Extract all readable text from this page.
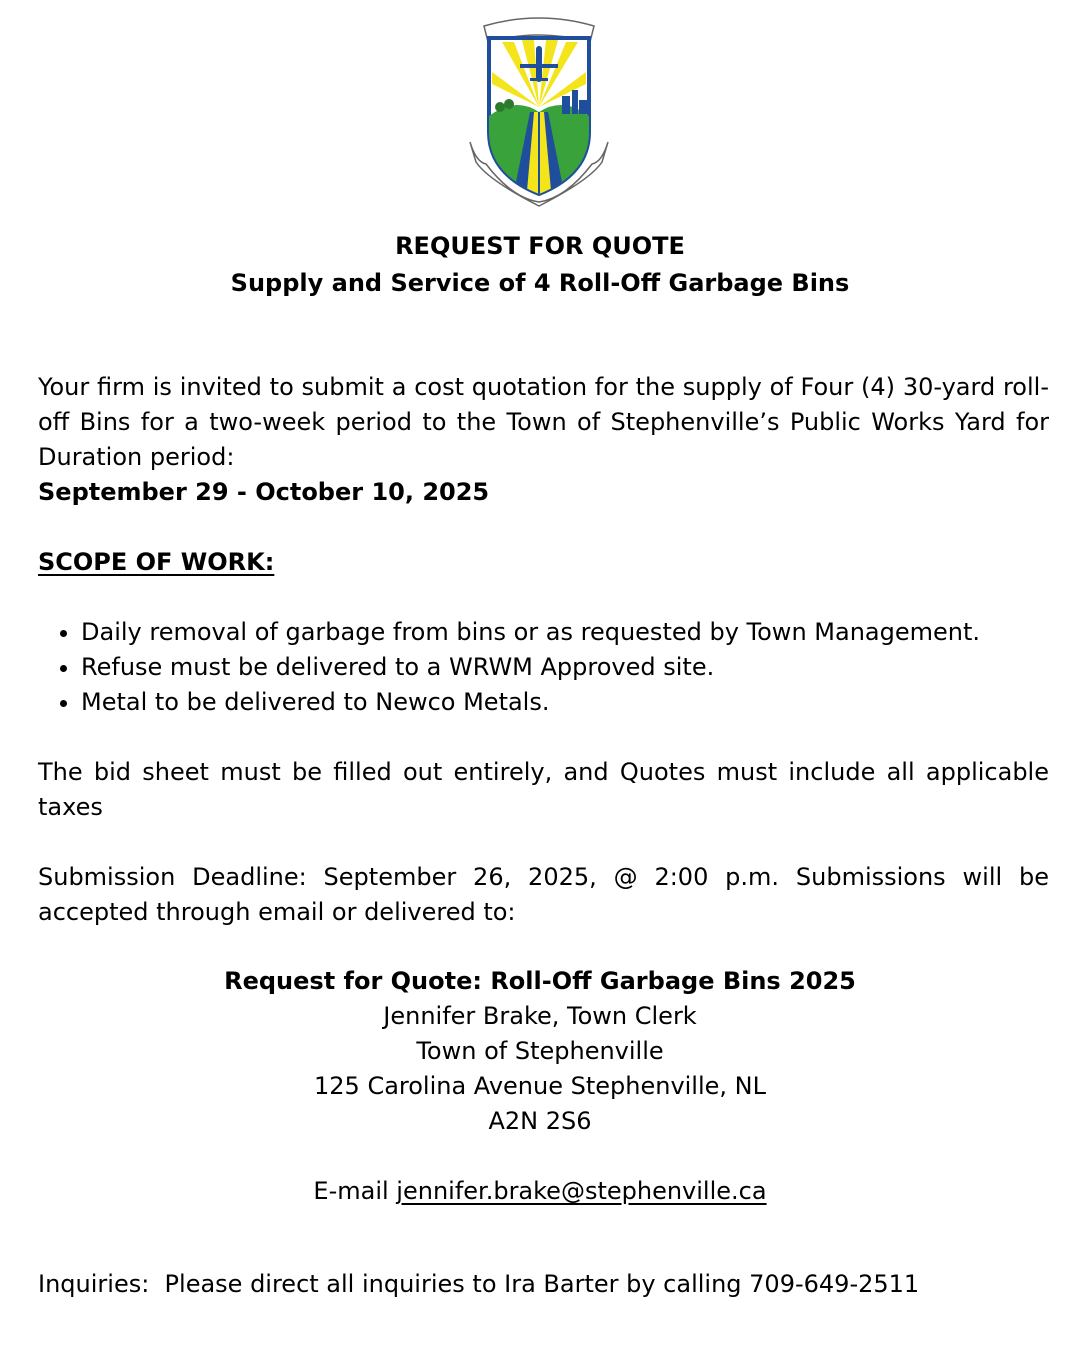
REQUEST FOR QUOTE
Supply and Service of 4 Roll-Off Garbage Bins

Your firm is invited to submit a cost quotation for the supply of Four (4) 30-yard roll-off Bins for a two-week period to the Town of Stephenville’s Public Works Yard for Duration period:

September 29 - October 10, 2025

SCOPE OF WORK:

• Daily removal of garbage from bins or as requested by Town Management.
• Refuse must be delivered to a WRWM Approved site.
• Metal to be delivered to Newco Metals.

The bid sheet must be filled out entirely, and Quotes must include all applicable taxes

Submission Deadline: September 26, 2025, @ 2:00 p.m. Submissions will be accepted through email or delivered to:

Request for Quote: Roll-Off Garbage Bins 2025
Jennifer Brake, Town Clerk
Town of Stephenville
125 Carolina Avenue Stephenville, NL
A2N 2S6
E-mail jennifer.brake@stephenville.ca
Inquiries:  Please direct all inquiries to Ira Barter by calling 709-649-2511
